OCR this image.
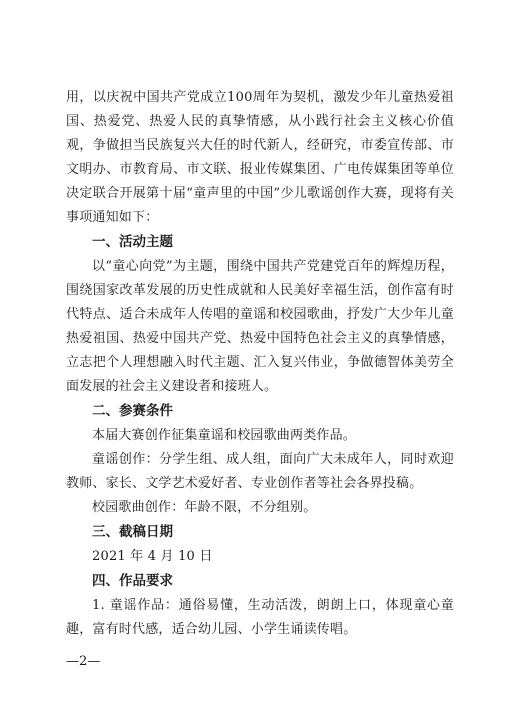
用，以庆祝中国共产党成立100周年为契机，激发少年儿童热爱祖国、热爱党、热爱人民的真挚情感，从小践行社会主义核心价值观，争做担当民族复兴大任的时代新人，经研究，市委宣传部、市文明办、市教育局、市文联、报业传媒集团、广电传媒集团等单位决定联合开展第十届“童声里的中国”少儿歌谣创作大赛，现将有关事项通知如下：

一、活动主题

以“童心向党”为主题，围绕中国共产党建党百年的辉煌历程，围绕国家改革发展的历史性成就和人民美好幸福生活，创作富有时代特点、适合未成年人传唱的童谣和校园歌曲，抒发广大少年儿童热爱祖国、热爱中国共产党、热爱中国特色社会主义的真挚情感，立志把个人理想融入时代主题、汇入复兴伟业，争做德智体美劳全面发展的社会主义建设者和接班人。

二、参赛条件

本届大赛创作征集童谣和校园歌曲两类作品。

童谣创作：分学生组、成人组，面向广大未成年人，同时欢迎教师、家长、文学艺术爱好者、专业创作者等社会各界投稿。

校园歌曲创作：年龄不限，不分组别。

三、截稿日期

2021 年 4 月 10 日

四、作品要求

1. 童谣作品：通俗易懂，生动活泼，朗朗上口，体现童心童趣，富有时代感，适合幼儿园、小学生诵读传唱。

—2—
